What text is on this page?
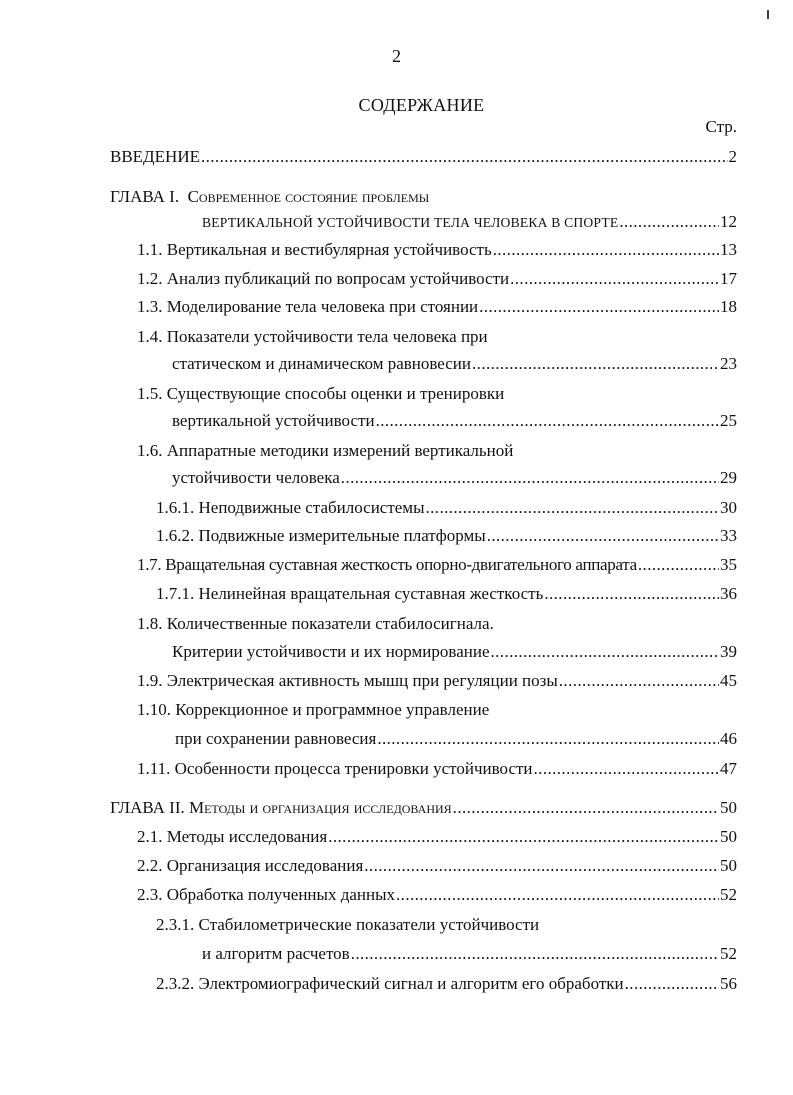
2
СОДЕРЖАНИЕ
Стр.
ВВЕДЕНИЕ .....	2
ГЛАВА I. Современное состояние проблемы
ВЕРТИКАЛЬНОЙ УСТОЙЧИВОСТИ ТЕЛА ЧЕЛОВЕКА В СПОРТЕ .....	12
1.1. Вертикальная и вестибулярная устойчивость .....	13
1.2. Анализ публикаций по вопросам устойчивости .....	17
1.3. Моделирование тела человека при стоянии .....	18
1.4. Показатели устойчивости тела человека при
статическом и динамическом равновесии .....	23
1.5. Существующие способы оценки и тренировки
вертикальной устойчивости .....	25
1.6. Аппаратные методики измерений вертикальной
устойчивости человека .....	29
1.6.1. Неподвижные стабилосистемы .....	30
1.6.2. Подвижные измерительные платформы .....	33
1.7. Вращательная суставная жесткость опорно-двигательного аппарата .....	35
1.7.1. Нелинейная вращательная суставная жесткость .....	36
1.8. Количественные показатели стабилосигнала.
Критерии устойчивости и их нормирование .....	39
1.9. Электрическая активность мышц при регуляции позы .....	45
1.10. Коррекционное и программное управление
при сохранении равновесия .....	46
1.11. Особенности процесса тренировки устойчивости .....	47
ГЛАВА II. Методы и организация исследования .....	50
2.1. Методы исследования .....	50
2.2. Организация исследования .....	50
2.3. Обработка полученных данных .....	52
2.3.1. Стабилометрические показатели устойчивости
и алгоритм расчетов .....	52
2.3.2. Электромиографический сигнал и алгоритм его обработки .....	56
